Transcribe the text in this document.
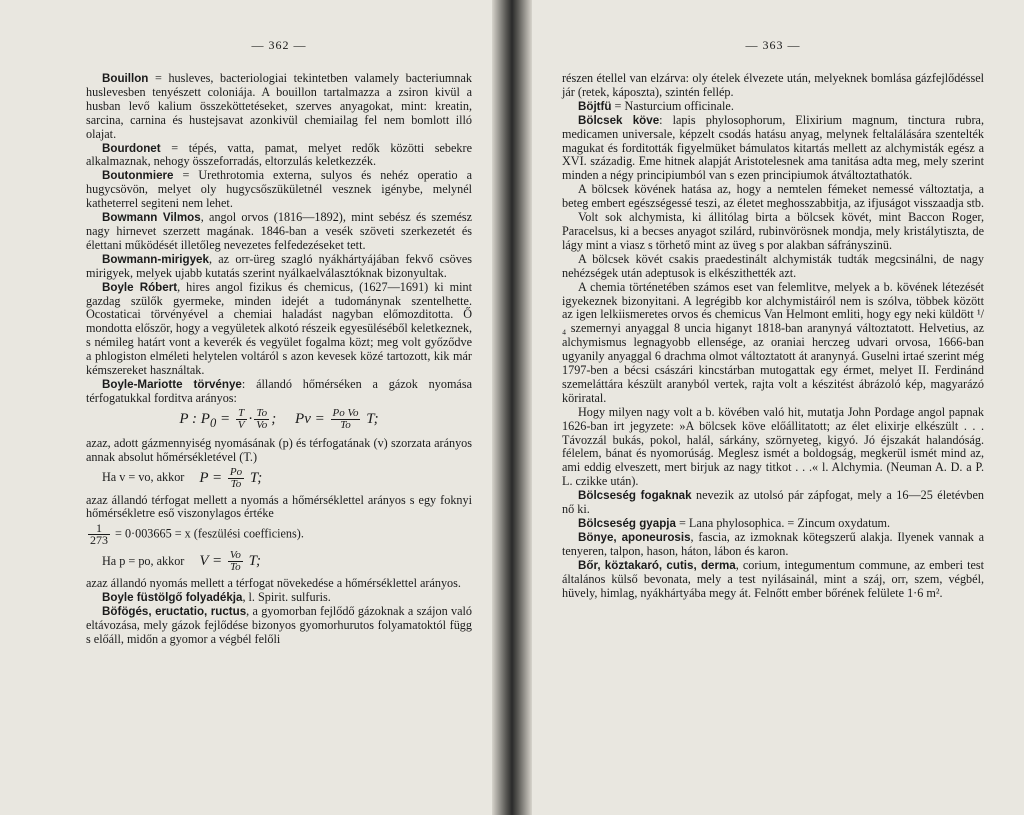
— 362 —

Bouillon = husleves, bacteriologiai tekintetben valamely bacteriumnak huslevesben tenyészett coloniája. A bouillon tartalmazza a zsiron kivül a husban levő kalium összeköttetéseket, szerves anyagokat, mint: kreatin, sarcina, carnina és hustejsavat azonkivül chemiailag fel nem bomlott illó olajat.

Bourdonet = tépés, vatta, pamat, melyet redők közötti sebekre alkalmaznak, nehogy összeforradás, eltorzulás keletkezzék.

Boutonmiere = Urethrotomia externa, sulyos és nehéz operatio a hugycsövön, melyet oly hugycsőszükületnél vesznek igénybe, melynél katheterrel segiteni nem lehet.

Bowmann Vilmos, angol orvos (1816—1892), mint sebész és szemész nagy hirnevet szerzett magának. 1846-ban a vesék szöveti szerkezetét és élettani működését illetőleg nevezetes felfedezéseket tett.

Bowmann-mirigyek, az orr-üreg szagló nyákhártyájában fekvő csöves mirigyek, melyek ujabb kutatás szerint nyálkaelválasztóknak bizonyultak.

Boyle Róbert, hires angol fizikus és chemicus, (1627—1691) ki mint gazdag szülők gyermeke, minden idejét a tudománynak szentelhette. Ocostaticai törvényével a chemiai haladást nagyban előmozditotta. Ő mondotta először, hogy a vegyületek alkotó részeik egyesüléséből keletkeznek, s némileg határt vont a keverék és vegyület fogalma közt; meg volt győződve a phlogiston elméleti helytelen voltáról s azon kevesek közé tartozott, kik már kémszereket használtak.

Boyle-Mariotte törvénye: állandó hőmérséken a gázok nyomása térfogatukkal forditva arányos:

P : $P_0 = \frac{T}{V} \cdot \frac{To}{Vo}$ ; $Pv = \frac{\text{Po Vo}}{To} T$;

azaz, adott gázmennyiség nyomásának (p) és térfogatának (v) szorzata arányos annak absolut hőmérsékletével (T.)

Ha v = vo, akkor $P = \frac{Po}{To} T$;

azaz állandó térfogat mellett a nyomás a hőmérséklettel arányos s egy foknyi hőmérsékletre eső viszonylagos értéke

$\frac{1}{273} = 0\cdot 003665 = x$ (feszülési coefficiens).
Ha p = po, akkor $V = \frac{Vo}{To} T$;

azaz állandó nyomás mellett a térfogat növekedése a hőmérséklettel arányos.

Boyle füstölgő folyadékja, l. Spirit. sulfuris.

Böfögés, eructatio, ructus, a gyomorban fejlődő gázoknak a szájon való eltávozása, mely gázok fejlődése bizonyos gyomorhurutos folyamatoktól függ s előáll, midőn a gyomor a végbél felőli

— 363 —

részen étellel van elzárva: oly ételek élvezete után, melyeknek bomlása gázfejlődéssel jár (retek, káposzta), szintén fellép.

Böjtfü = Nasturcium officinale.

Bölcsek köve: lapis phylosophorum, Elixirium magnum, tinctura rubra, medicamen universale, képzelt csodás hatásu anyag, melynek feltalálására szentelték magukat és forditották figyelmüket bámulatos kitartás mellett az alchymisták egész a XVI. századig. Eme hitnek alapját Aristotelesnek ama tanitása adta meg, mely szerint minden a négy principiumból van s ezen principiumok átváltoztathatók.

A bölcsek kövének hatása az, hogy a nemtelen fémeket nemessé változtatja, a beteg embert egészségessé teszi, az életet meghosszabbitja, az ifjuságot visszaadja stb.

Volt sok alchymista, ki állitólag birta a bölcsek kövét, mint Baccon Roger, Paracelsus, ki a becses anyagot szilárd, rubinvörösnek mondja, mely kristálytiszta, de lágy mint a viasz s törhető mint az üveg s por alakban sáfrányszinü.

A bölcsek kövét csakis praedestinált alchymisták tudták megcsinálni, de nagy nehézségek után adeptusok is elkészithették azt.

A chemia történetében számos eset van felemlitve, melyek a b. kövének létezését igyekeznek bizonyitani. A legrégibb kor alchymistáiról nem is szólva, többek között az igen lelkiismeretes orvos és chemicus Van Helmont emliti, hogy egy neki küldött ¹/₄ szemernyi anyaggal 8 uncia higanyt 1818-ban aranynyá változtatott. Helvetius, az alchymismus legnagyobb ellensége, az oraniai herczeg udvari orvosa, 1666-ban ugyanily anyaggal 6 drachma olmot változtatott át aranynyá. Guselni irtaé szerint még 1797-ben a bécsi császári kincstárban mutogattak egy érmet, melyet II. Ferdinánd szemeláttára készült aranyból vertek, rajta volt a készitést ábrázoló kép, magyarázó köriratal.

Hogy milyen nagy volt a b. kövében való hit, mutatja John Pordage angol papnak 1626-ban irt jegyzete: »A bölcsek köve előállitatott; az élet elixirje elkészült . . . Távozzál bukás, pokol, halál, sárkány, szörnyeteg, kigyó. Jó éjszakát halandóság. félelem, bánat és nyomorúság. Meglesz ismét a boldogság, megkerül ismét mind az, ami eddig elveszett, mert birjuk az nagy titkot . . .« l. Alchymia. (Neuman A. D. a P. L. czikke után).

Bölcseség fogaknak nevezik az utolsó pár zápfogat, mely a 16—25 életévben nő ki.

Bölcseség gyapja = Lana phylosophica. = Zincum oxydatum.

Bönye, aponeurosis, fascia, az izmoknak kötegszerű alakja. Ilyenek vannak a tenyeren, talpon, hason, háton, lábon és karon.

Bőr, köztakaró, cutis, derma, corium, integumentum commune, az emberi test általános külső bevonata, mely a test nyilásainál, mint a száj, orr, szem, végbél, hüvely, himlag, nyákhártyába megy át. Felnőtt ember bőrének felülete 1·6 m².
